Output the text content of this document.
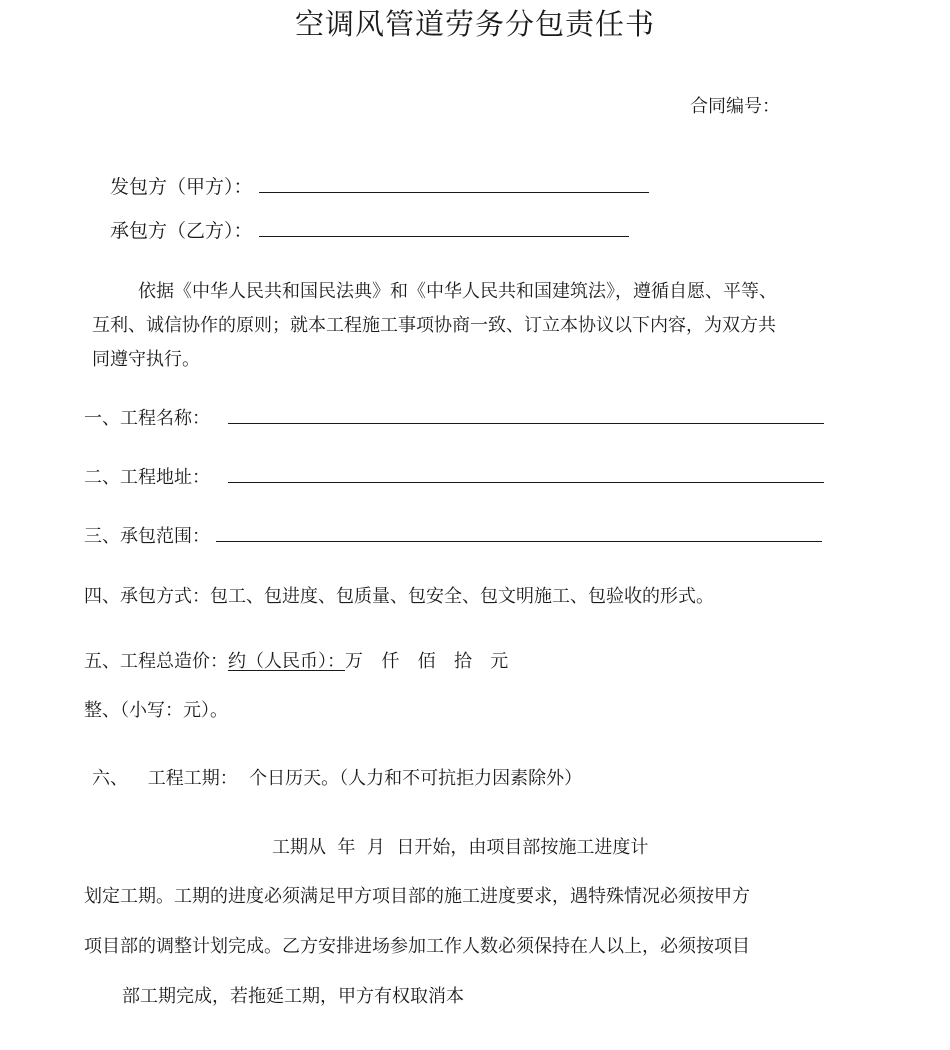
空调风管道劳务分包责任书
合同编号：
发包方（甲方）：
承包方（乙方）：
依据《中华人民共和国民法典》和《中华人民共和国建筑法》，遵循自愿、平等、
互利、诚信协作的原则；就本工程施工事项协商一致、订立本协议以下内容，为双方共
同遵守执行。
一、工程名称：
二、工程地址：
三、承包范围：
四、承包方式：包工、包进度、包质量、包安全、包文明施工、包验收的形式。
五、工程总造价：约（人民币）：万 仟 佰 拾 元
整、（小写：元）。
六、 工程工期：  个日历天。（人力和不可抗拒力因素除外）
工期从  年  月  日开始，由项目部按施工进度计
划定工期。工期的进度必须满足甲方项目部的施工进度要求，遇特殊情况必须按甲方
项目部的调整计划完成。乙方安排进场参加工作人数必须保持在人以上，必须按项目
部工期完成，若拖延工期，甲方有权取消本
